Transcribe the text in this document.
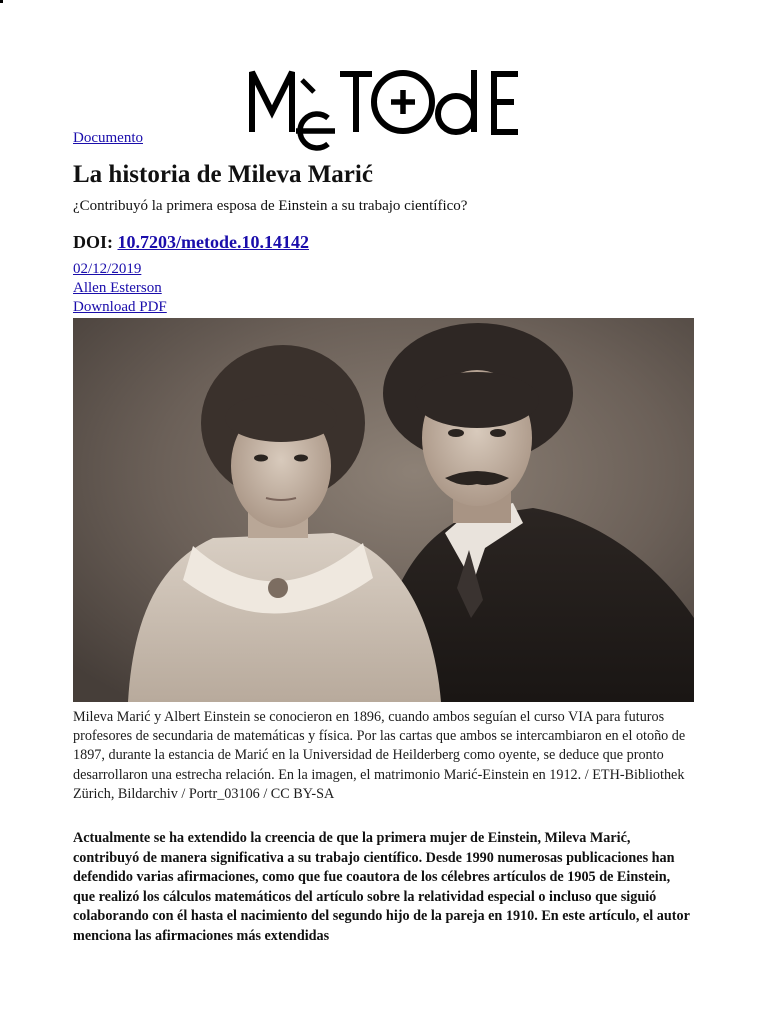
Documento
La historia de Mileva Marić

¿Contribuyó la primera esposa de Einstein a su trabajo científico?

DOI: 10.7203/metode.10.14142
02/12/2019
Allen Esterson
Download PDF

Mileva Marić y Albert Einstein se conocieron en 1896, cuando ambos seguían el curso VIA para futuros profesores de secundaria de matemáticas y física. Por las cartas que ambos se intercambiaron en el otoño de 1897, durante la estancia de Marić en la Universidad de Heilderberg como oyente, se deduce que pronto desarrollaron una estrecha relación. En la imagen, el matrimonio Marić-Einstein en 1912. / ETH-Bibliothek Zürich, Bildarchiv / Portr_03106 / CC BY-SA

Actualmente se ha extendido la creencia de que la primera mujer de Einstein, Mileva Marić, contribuyó de manera significativa a su trabajo científico. Desde 1990 numerosas publicaciones han defendido varias afirmaciones, como que fue coautora de los célebres artículos de 1905 de Einstein, que realizó los cálculos matemáticos del artículo sobre la relatividad especial o incluso que siguió colaborando con él hasta el nacimiento del segundo hijo de la pareja en 1910. En este artículo, el autor menciona las afirmaciones más extendidas
